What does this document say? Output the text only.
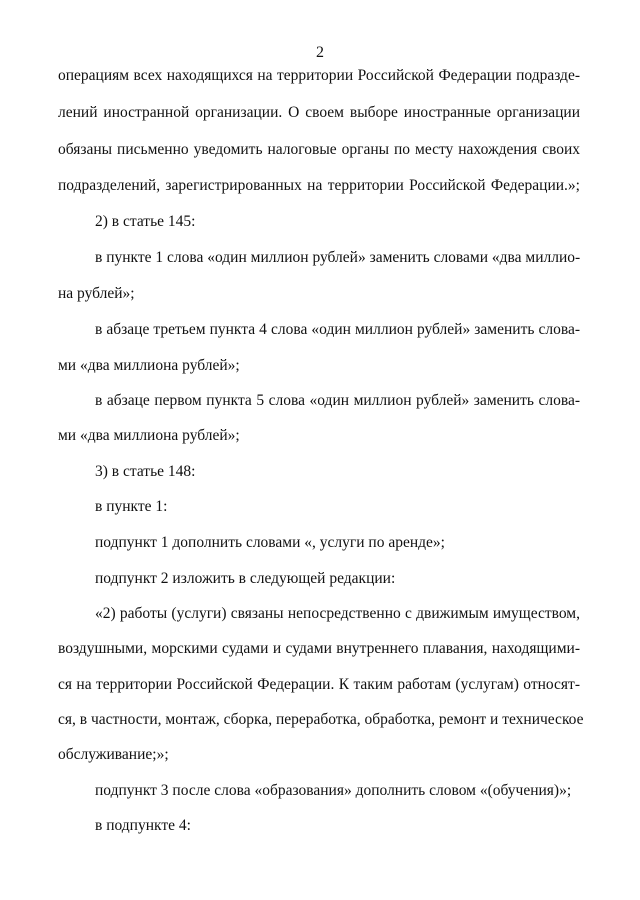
2

операциям всех находящихся на территории Российской Федерации подразде-

лений иностранной организации. О своем выборе иностранные организации

обязаны письменно уведомить налоговые органы по месту нахождения своих

подразделений, зарегистрированных на территории Российской Федерации.»;

2) в статье 145:

в пункте 1 слова «один миллион рублей» заменить словами «два миллио-

на рублей»;

в абзаце третьем пункта 4 слова «один миллион рублей» заменить слова-

ми «два миллиона рублей»;

в абзаце первом пункта 5 слова «один миллион рублей» заменить слова-

ми «два миллиона рублей»;

3) в статье 148:

в пункте 1:

подпункт 1 дополнить словами «, услуги по аренде»;

подпункт 2 изложить в следующей редакции:

«2) работы (услуги) связаны непосредственно с движимым имуществом,

воздушными, морскими судами и судами внутреннего плавания, находящими-

ся на территории Российской Федерации. К таким работам (услугам) относят-

ся, в частности, монтаж, сборка, переработка, обработка, ремонт и техническое

обслуживание;»;

подпункт 3 после слова «образования» дополнить словом «(обучения)»;

в подпункте 4:
